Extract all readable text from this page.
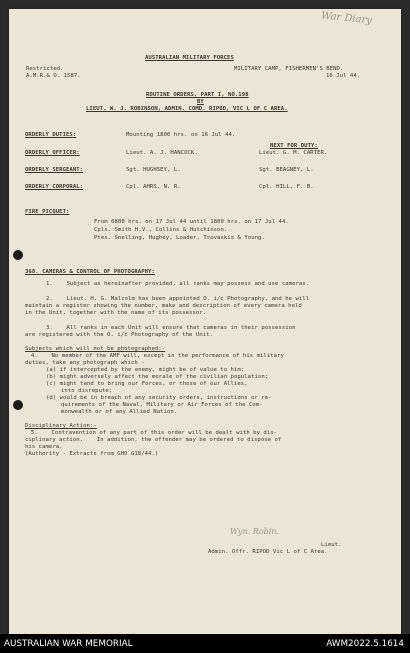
War Diary
AUSTRALIAN MILITARY FORCES
Restricted.
A.M.R.& O. 1587.
MILITARY CAMP, FISHERMEN'S BEND.
16 Jul 44.
ROUTINE ORDERS, PART I, NO.198
BY
LIEUT. W. J. ROBINSON, ADMIN. COMD. RIPOD, VIC L OF C AREA.
ORDERLY DUTIES:	Mounting 1800 hrs. on 16 Jul 44.
NEXT FOR DUTY:
ORDERLY OFFICER:	Lieut. A. J. HANCOCK.	Lieut. G. M. CARTER.
ORDERLY SERGEANT:	Sgt. HUGHSEY, L.	Sgt. BEAGNEY, L.
ORDERLY CORPORAL:	Cpl. AHRS, N. R.	Cpl. HILL, F. B.
FIRE PICQUET:
From 0800 hrs. on 17 Jul 44 until 1800 hrs. on 17 Jul 44.
Cpls. Smith H.V., Collins & Hutchinson.
Ptes. Snelling, Hughey, Loader, Trovaskis & Young.
368. CAMERAS & CONTROL OF PHOTOGRAPHY:
1.    Subject as hereinafter provided, all ranks may possess and use cameras.
2.    Lieut. H. G. Malcolm has been appointed O. i/c Photography, and he will
maintain a register showing the number, make and description of every camera held
in the Unit, together with the name of its possessor.
3.    All ranks in each Unit will ensure that cameras in their possession
are registered with the O. i/c Photography of the Unit.
Subjects which will not be photographed:-
4.    No member of the AMF will, except in the performance of his military
duties, take any photograph which -
(a) if intercepted by the enemy, might be of value to him;
(b) might adversely affect the morale of the civilian population;
(c) might tend to bring our Forces, or those of our Allies,
into disrepute;
(d) would be in breach of any security orders, instructions or re-
quirements of the Naval, Military or Air Forces of the Com-
monwealth or of any Allied Nation.
Disciplinary Action:-
5.    Contravention of any part of this order will be dealt with by dis-
ciplinary action.    In addition, the offender may be ordered to dispose of
his camera.
(Authority - Extracts from GHO G18/44.)
Wyn. Robin.
Lieut.
Admin. Offr. RIPOD Vic L of C Area.
AUSTRALIAN WAR MEMORIAL	AWM2022.5.1614
